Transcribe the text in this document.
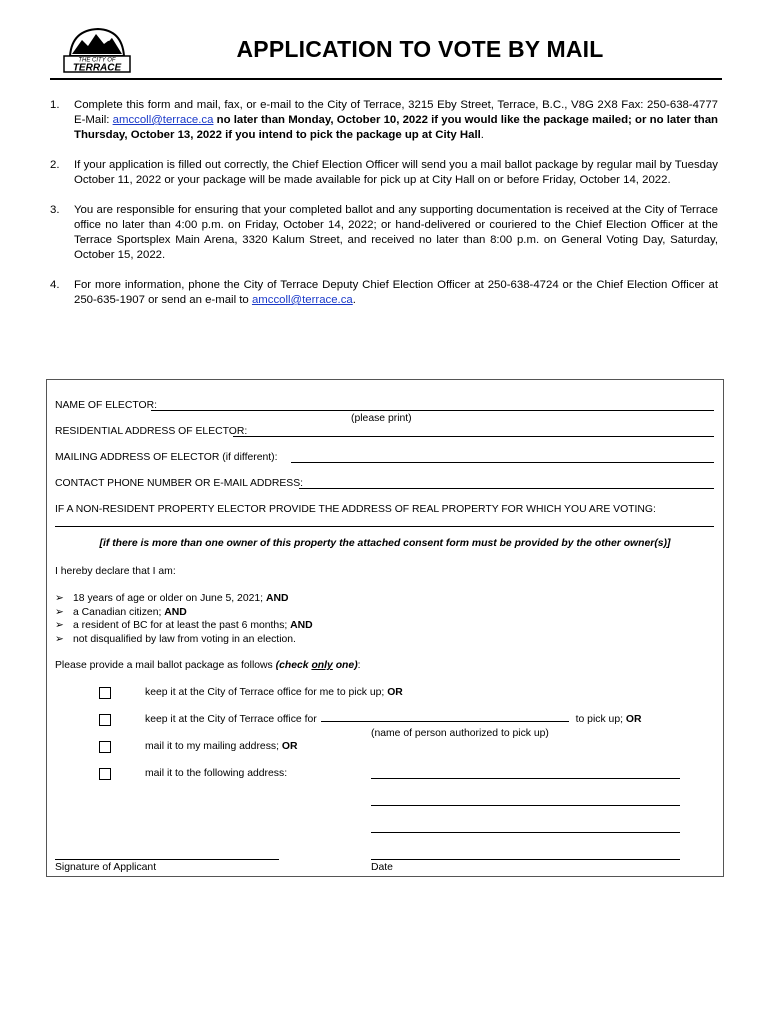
THE CITY OF
TERRACE
APPLICATION TO VOTE BY MAIL
1.	Complete this form and mail, fax, or e-mail to the City of Terrace, 3215 Eby Street, Terrace, B.C., V8G 2X8 Fax: 250-638-4777 E-Mail: amccoll@terrace.ca no later than Monday, October 10, 2022 if you would like the package mailed; or no later than Thursday, October 13, 2022 if you intend to pick the package up at City Hall.
2.	If your application is filled out correctly, the Chief Election Officer will send you a mail ballot package by regular mail by Tuesday October 11, 2022 or your package will be made available for pick up at City Hall on or before Friday, October 14, 2022.
3.	You are responsible for ensuring that your completed ballot and any supporting documentation is received at the City of Terrace office no later than 4:00 p.m. on Friday, October 14, 2022; or hand-delivered or couriered to the Chief Election Officer at the Terrace Sportsplex Main Arena, 3320 Kalum Street, and received no later than 8:00 p.m. on General Voting Day, Saturday, October 15, 2022.
4.	For more information, phone the City of Terrace Deputy Chief Election Officer at 250-638-4724 or the Chief Election Officer at 250-635-1907 or send an e-mail to amccoll@terrace.ca.
NAME OF ELECTOR:
(please print)
RESIDENTIAL ADDRESS OF ELECTOR:
MAILING ADDRESS OF ELECTOR (if different):
CONTACT PHONE NUMBER OR E-MAIL ADDRESS:
IF A NON-RESIDENT PROPERTY ELECTOR PROVIDE THE ADDRESS OF REAL PROPERTY FOR WHICH YOU ARE VOTING:
[if there is more than one owner of this property the attached consent form must be provided by the other owner(s)]
I hereby declare that I am:
➢ 18 years of age or older on June 5, 2021; AND
➢ a Canadian citizen; AND
➢ a resident of BC for at least the past 6 months; AND
➢ not disqualified by law from voting in an election.
Please provide a mail ballot package as follows (check only one):
keep it at the City of Terrace office for me to pick up; OR
keep it at the City of Terrace office for	to pick up; OR
(name of person authorized to pick up)
mail it to my mailing address; OR
mail it to the following address:
Signature of Applicant	Date
